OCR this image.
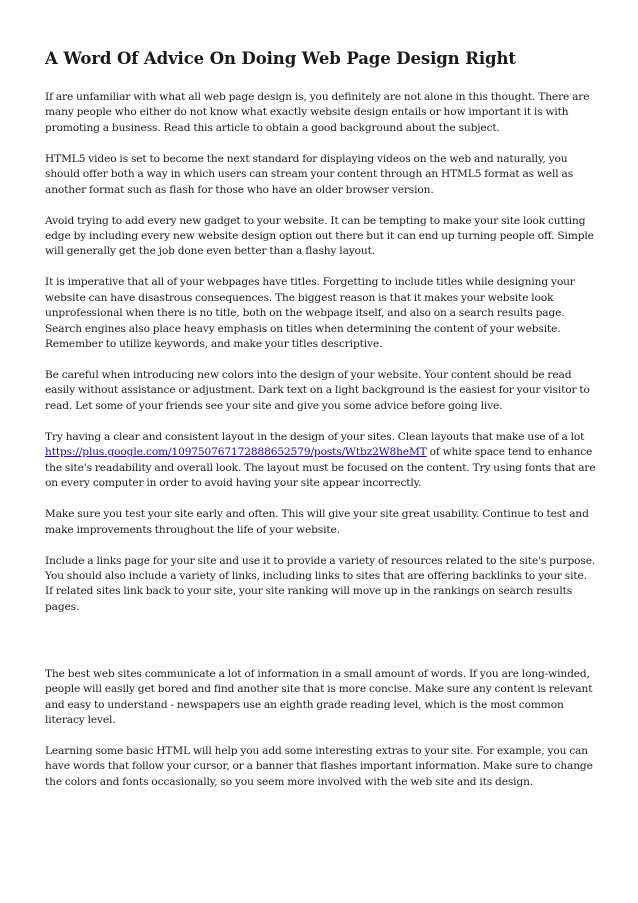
A Word Of Advice On Doing Web Page Design Right

If are unfamiliar with what all web page design is, you definitely are not alone in this thought. There are many people who either do not know what exactly website design entails or how important it is with promoting a business. Read this article to obtain a good background about the subject.

HTML5 video is set to become the next standard for displaying videos on the web and naturally, you should offer both a way in which users can stream your content through an HTML5 format as well as another format such as flash for those who have an older browser version.

Avoid trying to add every new gadget to your website. It can be tempting to make your site look cutting edge by including every new website design option out there but it can end up turning people off. Simple will generally get the job done even better than a flashy layout.

It is imperative that all of your webpages have titles. Forgetting to include titles while designing your website can have disastrous consequences. The biggest reason is that it makes your website look unprofessional when there is no title, both on the webpage itself, and also on a search results page. Search engines also place heavy emphasis on titles when determining the content of your website. Remember to utilize keywords, and make your titles descriptive.

Be careful when introducing new colors into the design of your website. Your content should be read easily without assistance or adjustment. Dark text on a light background is the easiest for your visitor to read. Let some of your friends see your site and give you some advice before going live.

Try having a clear and consistent layout in the design of your sites. Clean layouts that make use of a lot https://plus.google.com/109750767172888652579/posts/Wtbz2W8heMT of white space tend to enhance the site's readability and overall look. The layout must be focused on the content. Try using fonts that are on every computer in order to avoid having your site appear incorrectly.

Make sure you test your site early and often. This will give your site great usability. Continue to test and make improvements throughout the life of your website.

Include a links page for your site and use it to provide a variety of resources related to the site's purpose. You should also include a variety of links, including links to sites that are offering backlinks to your site. If related sites link back to your site, your site ranking will move up in the rankings on search results pages.

The best web sites communicate a lot of information in a small amount of words. If you are long-winded, people will easily get bored and find another site that is more concise. Make sure any content is relevant and easy to understand - newspapers use an eighth grade reading level, which is the most common literacy level.

Learning some basic HTML will help you add some interesting extras to your site. For example, you can have words that follow your cursor, or a banner that flashes important information. Make sure to change the colors and fonts occasionally, so you seem more involved with the web site and its design.
